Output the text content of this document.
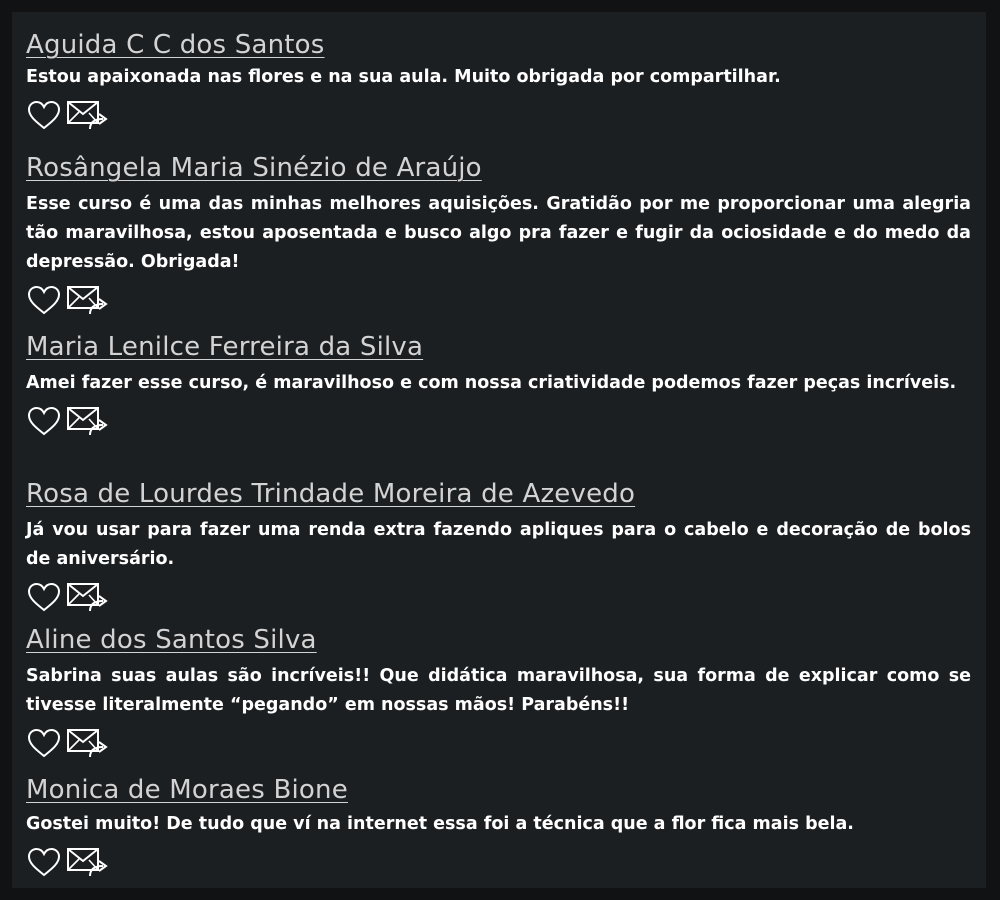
Aguida C C dos Santos

Estou apaixonada nas flores e na sua aula. Muito obrigada por compartilhar.

Rosângela Maria Sinézio de Araújo

Esse curso é uma das minhas melhores aquisições. Gratidão por me proporcionar uma alegria tão maravilhosa, estou aposentada e busco algo pra fazer e fugir da ociosidade e do medo da depressão. Obrigada!

Maria Lenilce Ferreira da Silva

Amei fazer esse curso, é maravilhoso e com nossa criatividade podemos fazer peças incríveis.

Rosa de Lourdes Trindade Moreira de Azevedo

Já vou usar para fazer uma renda extra fazendo apliques para o cabelo e decoração de bolos de aniversário.

Aline dos Santos Silva

Sabrina suas aulas são incríveis!! Que didática maravilhosa, sua forma de explicar como se tivesse literalmente “pegando” em nossas mãos! Parabéns!!

Monica de Moraes Bione

Gostei muito! De tudo que ví na internet essa foi a técnica que a flor fica mais bela.
